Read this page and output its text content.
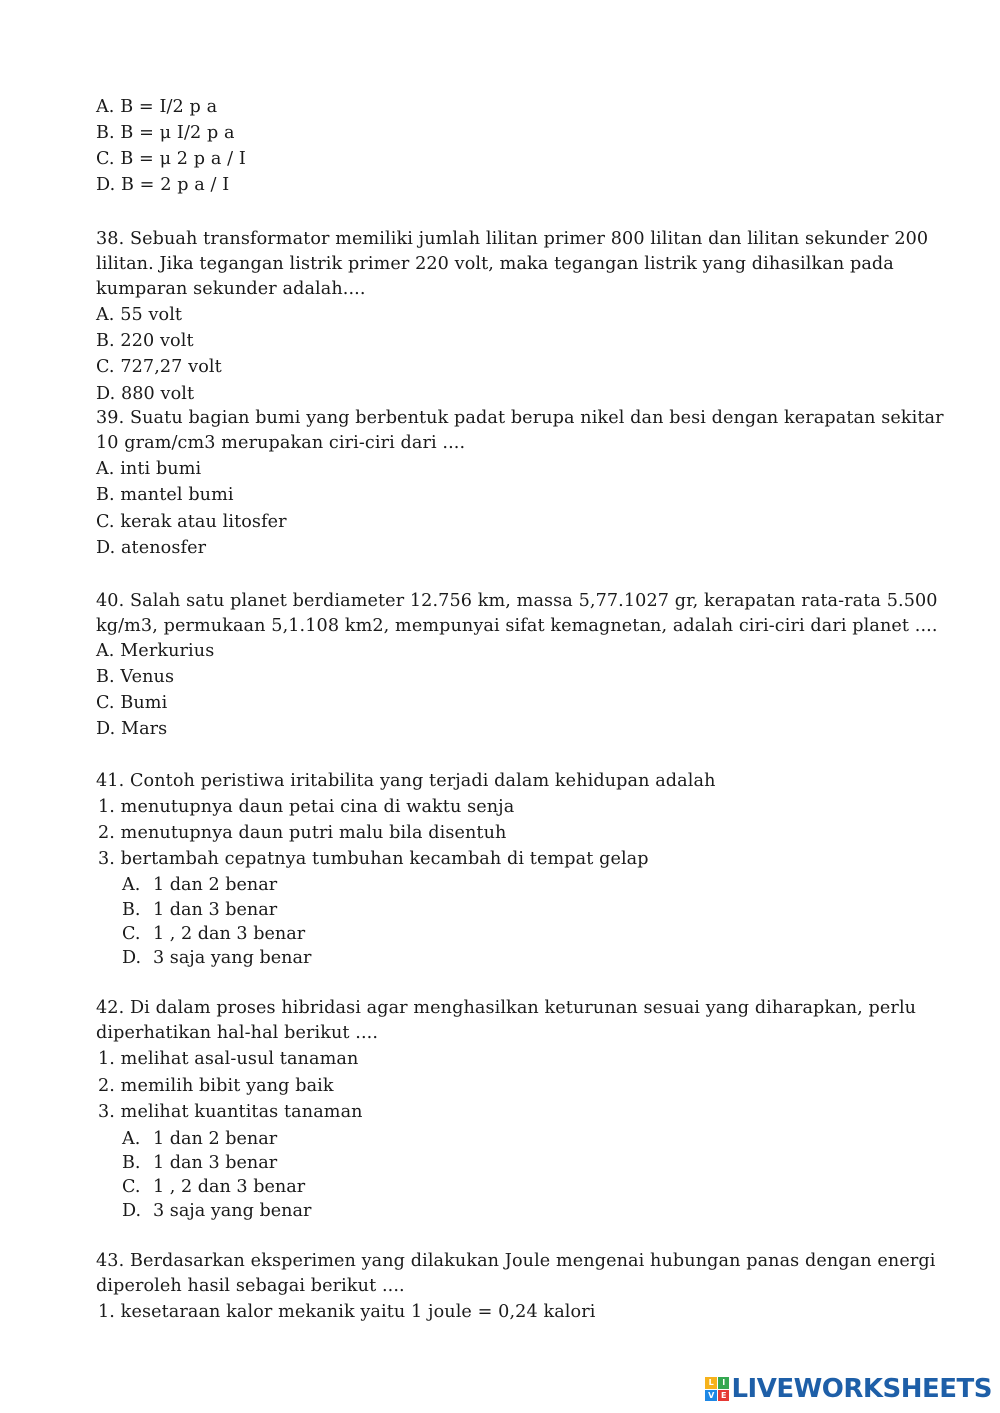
A. B = I/2 p a
B. B = μ I/2 p a
C. B = μ 2 p a / I
D. B = 2 p a / I
38. Sebuah transformator memiliki jumlah lilitan primer 800 lilitan dan lilitan sekunder 200
lilitan. Jika tegangan listrik primer 220 volt, maka tegangan listrik yang dihasilkan pada
kumparan sekunder adalah....
A. 55 volt
B. 220 volt
C. 727,27 volt
D. 880 volt
39. Suatu bagian bumi yang berbentuk padat berupa nikel dan besi dengan kerapatan sekitar
10 gram/cm3 merupakan ciri-ciri dari ....
A. inti bumi
B. mantel bumi
C. kerak atau litosfer
D. atenosfer
40. Salah satu planet berdiameter 12.756 km, massa 5,77.1027 gr, kerapatan rata-rata 5.500
kg/m3, permukaan 5,1.108 km2, mempunyai sifat kemagnetan, adalah ciri-ciri dari planet ....
A. Merkurius
B. Venus
C. Bumi
D. Mars
41. Contoh peristiwa iritabilita yang terjadi dalam kehidupan adalah
1. menutupnya daun petai cina di waktu senja
2. menutupnya daun putri malu bila disentuh
3. bertambah cepatnya tumbuhan kecambah di tempat gelap
A. 1 dan 2 benar
B. 1 dan 3 benar
C. 1 , 2 dan 3 benar
D. 3 saja yang benar
42. Di dalam proses hibridasi agar menghasilkan keturunan sesuai yang diharapkan, perlu
diperhatikan hal-hal berikut ....
1. melihat asal-usul tanaman
2. memilih bibit yang baik
3. melihat kuantitas tanaman
A. 1 dan 2 benar
B. 1 dan 3 benar
C. 1 , 2 dan 3 benar
D. 3 saja yang benar
43. Berdasarkan eksperimen yang dilakukan Joule mengenai hubungan panas dengan energi
diperoleh hasil sebagai berikut ....
1. kesetaraan kalor mekanik yaitu 1 joule = 0,24 kalori
L	I
V E LIVEWORKSHEETS
